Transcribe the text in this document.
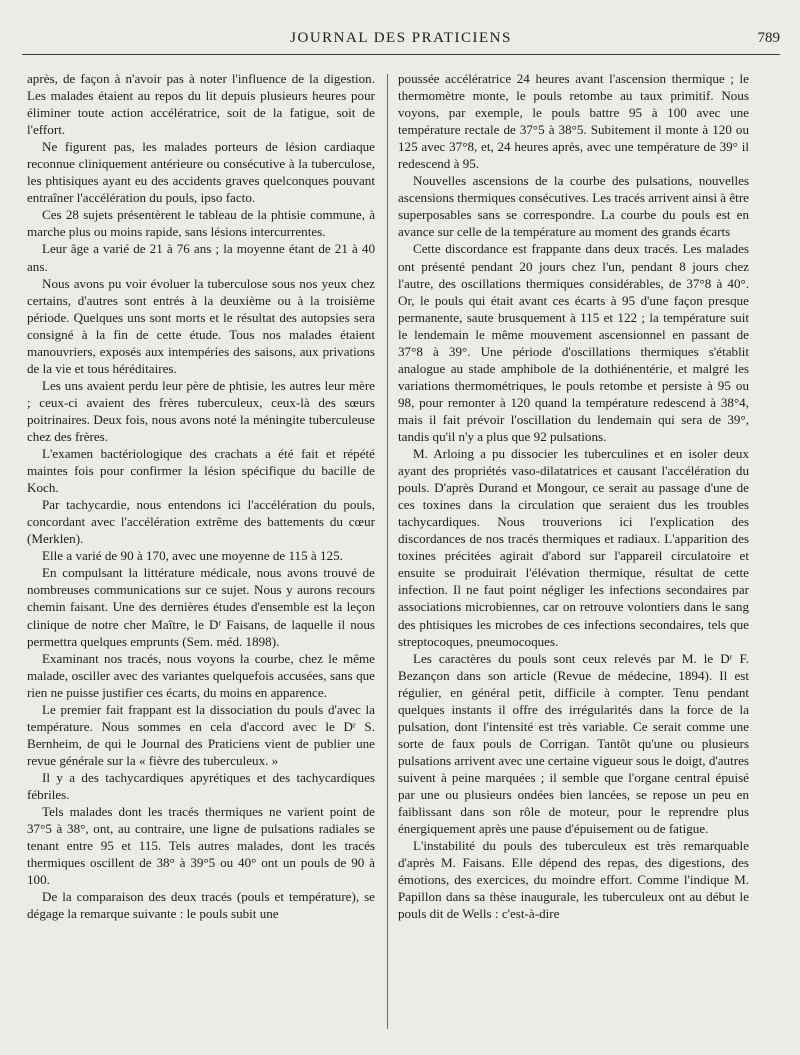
JOURNAL DES PRATICIENS	789

après, de façon à n'avoir pas à noter l'influence de la digestion. Les malades étaient au repos du lit depuis plusieurs heures pour éliminer toute action accélératrice, soit de la fatigue, soit de l'effort.

Ne figurent pas, les malades porteurs de lésion cardiaque reconnue cliniquement antérieure ou consécutive à la tuberculose, les phtisiques ayant eu des accidents graves quelconques pouvant entraîner l'accélération du pouls, ipso facto.

Ces 28 sujets présentèrent le tableau de la phtisie commune, à marche plus ou moins rapide, sans lésions intercurrentes.

Leur âge a varié de 21 à 76 ans ; la moyenne étant de 21 à 40 ans.

Nous avons pu voir évoluer la tuberculose sous nos yeux chez certains, d'autres sont entrés à la deuxième ou à la troisième période. Quelques uns sont morts et le résultat des autopsies sera consigné à la fin de cette étude. Tous nos malades étaient manouvriers, exposés aux intempéries des saisons, aux privations de la vie et tous héréditaires.

Les uns avaient perdu leur père de phtisie, les autres leur mère ; ceux-ci avaient des frères tuberculeux, ceux-là des sœurs poitrinaires. Deux fois, nous avons noté la méningite tuberculeuse chez des frères.

L'examen bactériologique des crachats a été fait et répété maintes fois pour confirmer la lésion spécifique du bacille de Koch.

Par tachycardie, nous entendons ici l'accélération du pouls, concordant avec l'accélération extrême des battements du cœur (Merklen).

Elle a varié de 90 à 170, avec une moyenne de 115 à 125.

En compulsant la littérature médicale, nous avons trouvé de nombreuses communications sur ce sujet. Nous y aurons recours chemin faisant. Une des dernières études d'ensemble est la leçon clinique de notre cher Maître, le Dʳ Faisans, de laquelle il nous permettra quelques emprunts (Sem. méd. 1898).

Examinant nos tracés, nous voyons la courbe, chez le même malade, osciller avec des variantes quelquefois accusées, sans que rien ne puisse justifier ces écarts, du moins en apparence.

Le premier fait frappant est la dissociation du pouls d'avec la température. Nous sommes en cela d'accord avec le Dʳ S. Bernheim, de qui le Journal des Praticiens vient de publier une revue générale sur la « fièvre des tuberculeux. »

Il y a des tachycardiques apyrétiques et des tachycardiques fébriles.

Tels malades dont les tracés thermiques ne varient point de 37°5 à 38°, ont, au contraire, une ligne de pulsations radiales se tenant entre 95 et 115. Tels autres malades, dont les tracés thermiques oscillent de 38° à 39°5 ou 40° ont un pouls de 90 à 100.

De la comparaison des deux tracés (pouls et température), se dégage la remarque suivante : le pouls subit une

poussée accélératrice 24 heures avant l'ascension thermique ; le thermomètre monte, le pouls retombe au taux primitif. Nous voyons, par exemple, le pouls battre 95 à 100 avec une température rectale de 37°5 à 38°5. Subitement il monte à 120 ou 125 avec 37°8, et, 24 heures après, avec une température de 39° il redescend à 95.

Nouvelles ascensions de la courbe des pulsations, nouvelles ascensions thermiques consécutives. Les tracés arrivent ainsi à être superposables sans se correspondre. La courbe du pouls est en avance sur celle de la température au moment des grands écarts

Cette discordance est frappante dans deux tracés. Les malades ont présenté pendant 20 jours chez l'un, pendant 8 jours chez l'autre, des oscillations thermiques considérables, de 37°8 à 40°. Or, le pouls qui était avant ces écarts à 95 d'une façon presque permanente, saute brusquement à 115 et 122 ; la température suit le lendemain le même mouvement ascensionnel en passant de 37°8 à 39°. Une période d'oscillations thermiques s'établit analogue au stade amphibole de la dothiénentérie, et malgré les variations thermométriques, le pouls retombe et persiste à 95 ou 98, pour remonter à 120 quand la température redescend à 38°4, mais il fait prévoir l'oscillation du lendemain qui sera de 39°, tandis qu'il n'y a plus que 92 pulsations.

M. Arloing a pu dissocier les tuberculines et en isoler deux ayant des propriétés vaso-dilatatrices et causant l'accélération du pouls. D'après Durand et Mongour, ce serait au passage d'une de ces toxines dans la circulation que seraient dus les troubles tachycardiques. Nous trouverions ici l'explication des discordances de nos tracés thermiques et radiaux. L'apparition des toxines précitées agirait d'abord sur l'appareil circulatoire et ensuite se produirait l'élévation thermique, résultat de cette infection. Il ne faut point négliger les infections secondaires par associations microbiennes, car on retrouve volontiers dans le sang des phtisiques les microbes de ces infections secondaires, tels que streptocoques, pneumocoques.

Les caractères du pouls sont ceux relevés par M. le Dʳ F. Bezançon dans son article (Revue de médecine, 1894). Il est régulier, en général petit, difficile à compter. Tenu pendant quelques instants il offre des irrégularités dans la force de la pulsation, dont l'intensité est très variable. Ce serait comme une sorte de faux pouls de Corrigan. Tantôt qu'une ou plusieurs pulsations arrivent avec une certaine vigueur sous le doigt, d'autres suivent à peine marquées ; il semble que l'organe central épuisé par une ou plusieurs ondées bien lancées, se repose un peu en faiblissant dans son rôle de moteur, pour le reprendre plus énergiquement après une pause d'épuisement ou de fatigue.

L'instabilité du pouls des tuberculeux est très remarquable d'après M. Faisans. Elle dépend des repas, des digestions, des émotions, des exercices, du moindre effort. Comme l'indique M. Papillon dans sa thèse inaugurale, les tuberculeux ont au début le pouls dit de Wells : c'est-à-dire
